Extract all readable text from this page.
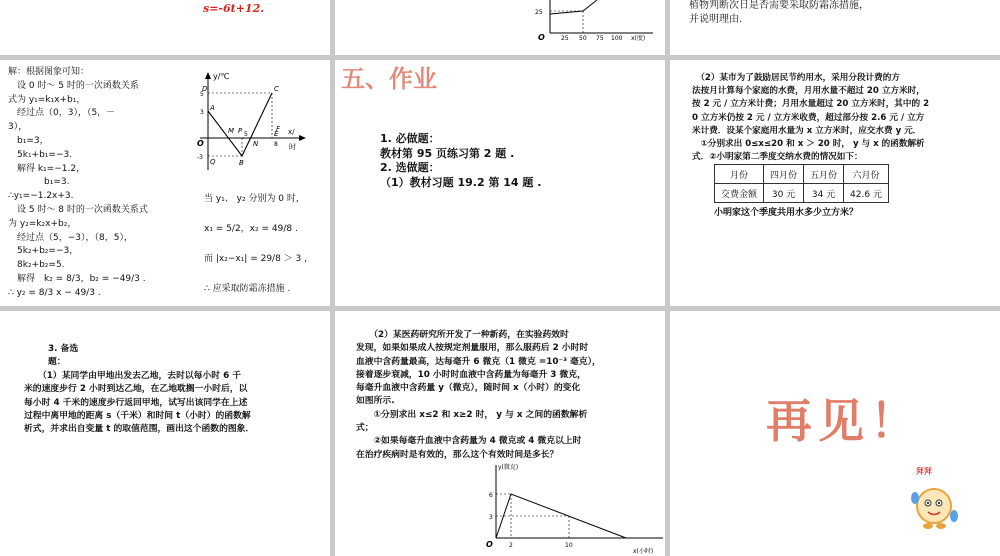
s=-6t+12.	25
25 50 75 100 x(度)
O
植物判断次日是否需要采取防霜冻措施，
并说明理由.
解：根据图象可知：
　设 0 时～ 5 时的一次函数关系
式为 y₁=k₁x+b₁，
　经过点（0，3），（5，－
3），
　b₁=3，
　5k₁+b₁=−3.
　解得 k₁=−1.2，
　　　　b₁=3.
∴y₁=−1.2x+3.
　设 5 时～ 8 时的一次函数关系式
为 y₂=k₂x+b₂，
　经过点（5，−3），（8，5），
　5k₂+b₂=−3，
　8k₂+b₂=5.
　解得　k₂ = 8/3，b₂ = −49/3 .
∴ y₂ = 8/3 x − 49/3 .
y/℃
x/
时
O
5
3
-3
5
8
A
B
C
D
E
F
M
N
P
Q
当 y₁、 y₂ 分别为 0 时，
x₁ = 5/2，x₂ = 49/8 .
而 |x₂−x₁| = 29/8 ＞ 3 ，
∴ 应采取防霜冻措施 .
五、作业
1. 必做题：
教材第 95 页练习第 2 题 .
2. 选做题：
（1）教材习题 19.2 第 14 题 .
　（2）某市为了鼓励居民节约用水，采用分段计费的方
法按月计算每个家庭的水费，月用水量不超过 20 立方米时，
按 2 元 / 立方米计费；月用水量超过 20 立方米时，其中的 2
0 立方米仍按 2 元 / 立方米收费，超过部分按 2.6 元 / 立方
米计费．设某个家庭用水量为 x 立方米时，应交水费 y 元．
　①分别求出 0≤x≤20 和 x ＞ 20 时， y 与 x 的函数解析
式．②小明家第二季度交纳水费的情况如下：
月份	四月份	五月份	六月份
交费金额	30 元	34 元	42.6 元
小明家这个季度共用水多少立方米？
3. 备选
题：
（1）某同学由甲地出发去乙地，去时以每小时 6 千
米的速度步行 2 小时到达乙地，在乙地耽搁一小时后，以
每小时 4 千米的速度步行返回甲地，试写出该同学在上述
过程中离甲地的距离 s（千米）和时间 t（小时）的函数解
析式，并求出自变量 t 的取值范围，画出这个函数的图象．
　　（2）某医药研究所开发了一种新药，在实验药效时
发现，如果如果成人按规定剂量服用，那么服药后 2 小时时
血液中含药量最高，达每毫升 6 微克（1 微克 =10⁻³ 毫克），
接着逐步衰减，10 小时时血液中含药量为每毫升 3 微克，
每毫升血液中含药量 y（微克），随时间 x（小时）的变化
如图所示.
　　①分别求出 x≤2 和 x≥2 时， y 与 x 之间的函数解析
式；
　　②如果每毫升血液中含药量为 4 微克或 4 微克以上时
在治疗疾病时是有效的，那么这个有效时间是多长？
y(微克)
x(小时)
O
6
3
2	10
再见！
拜拜
